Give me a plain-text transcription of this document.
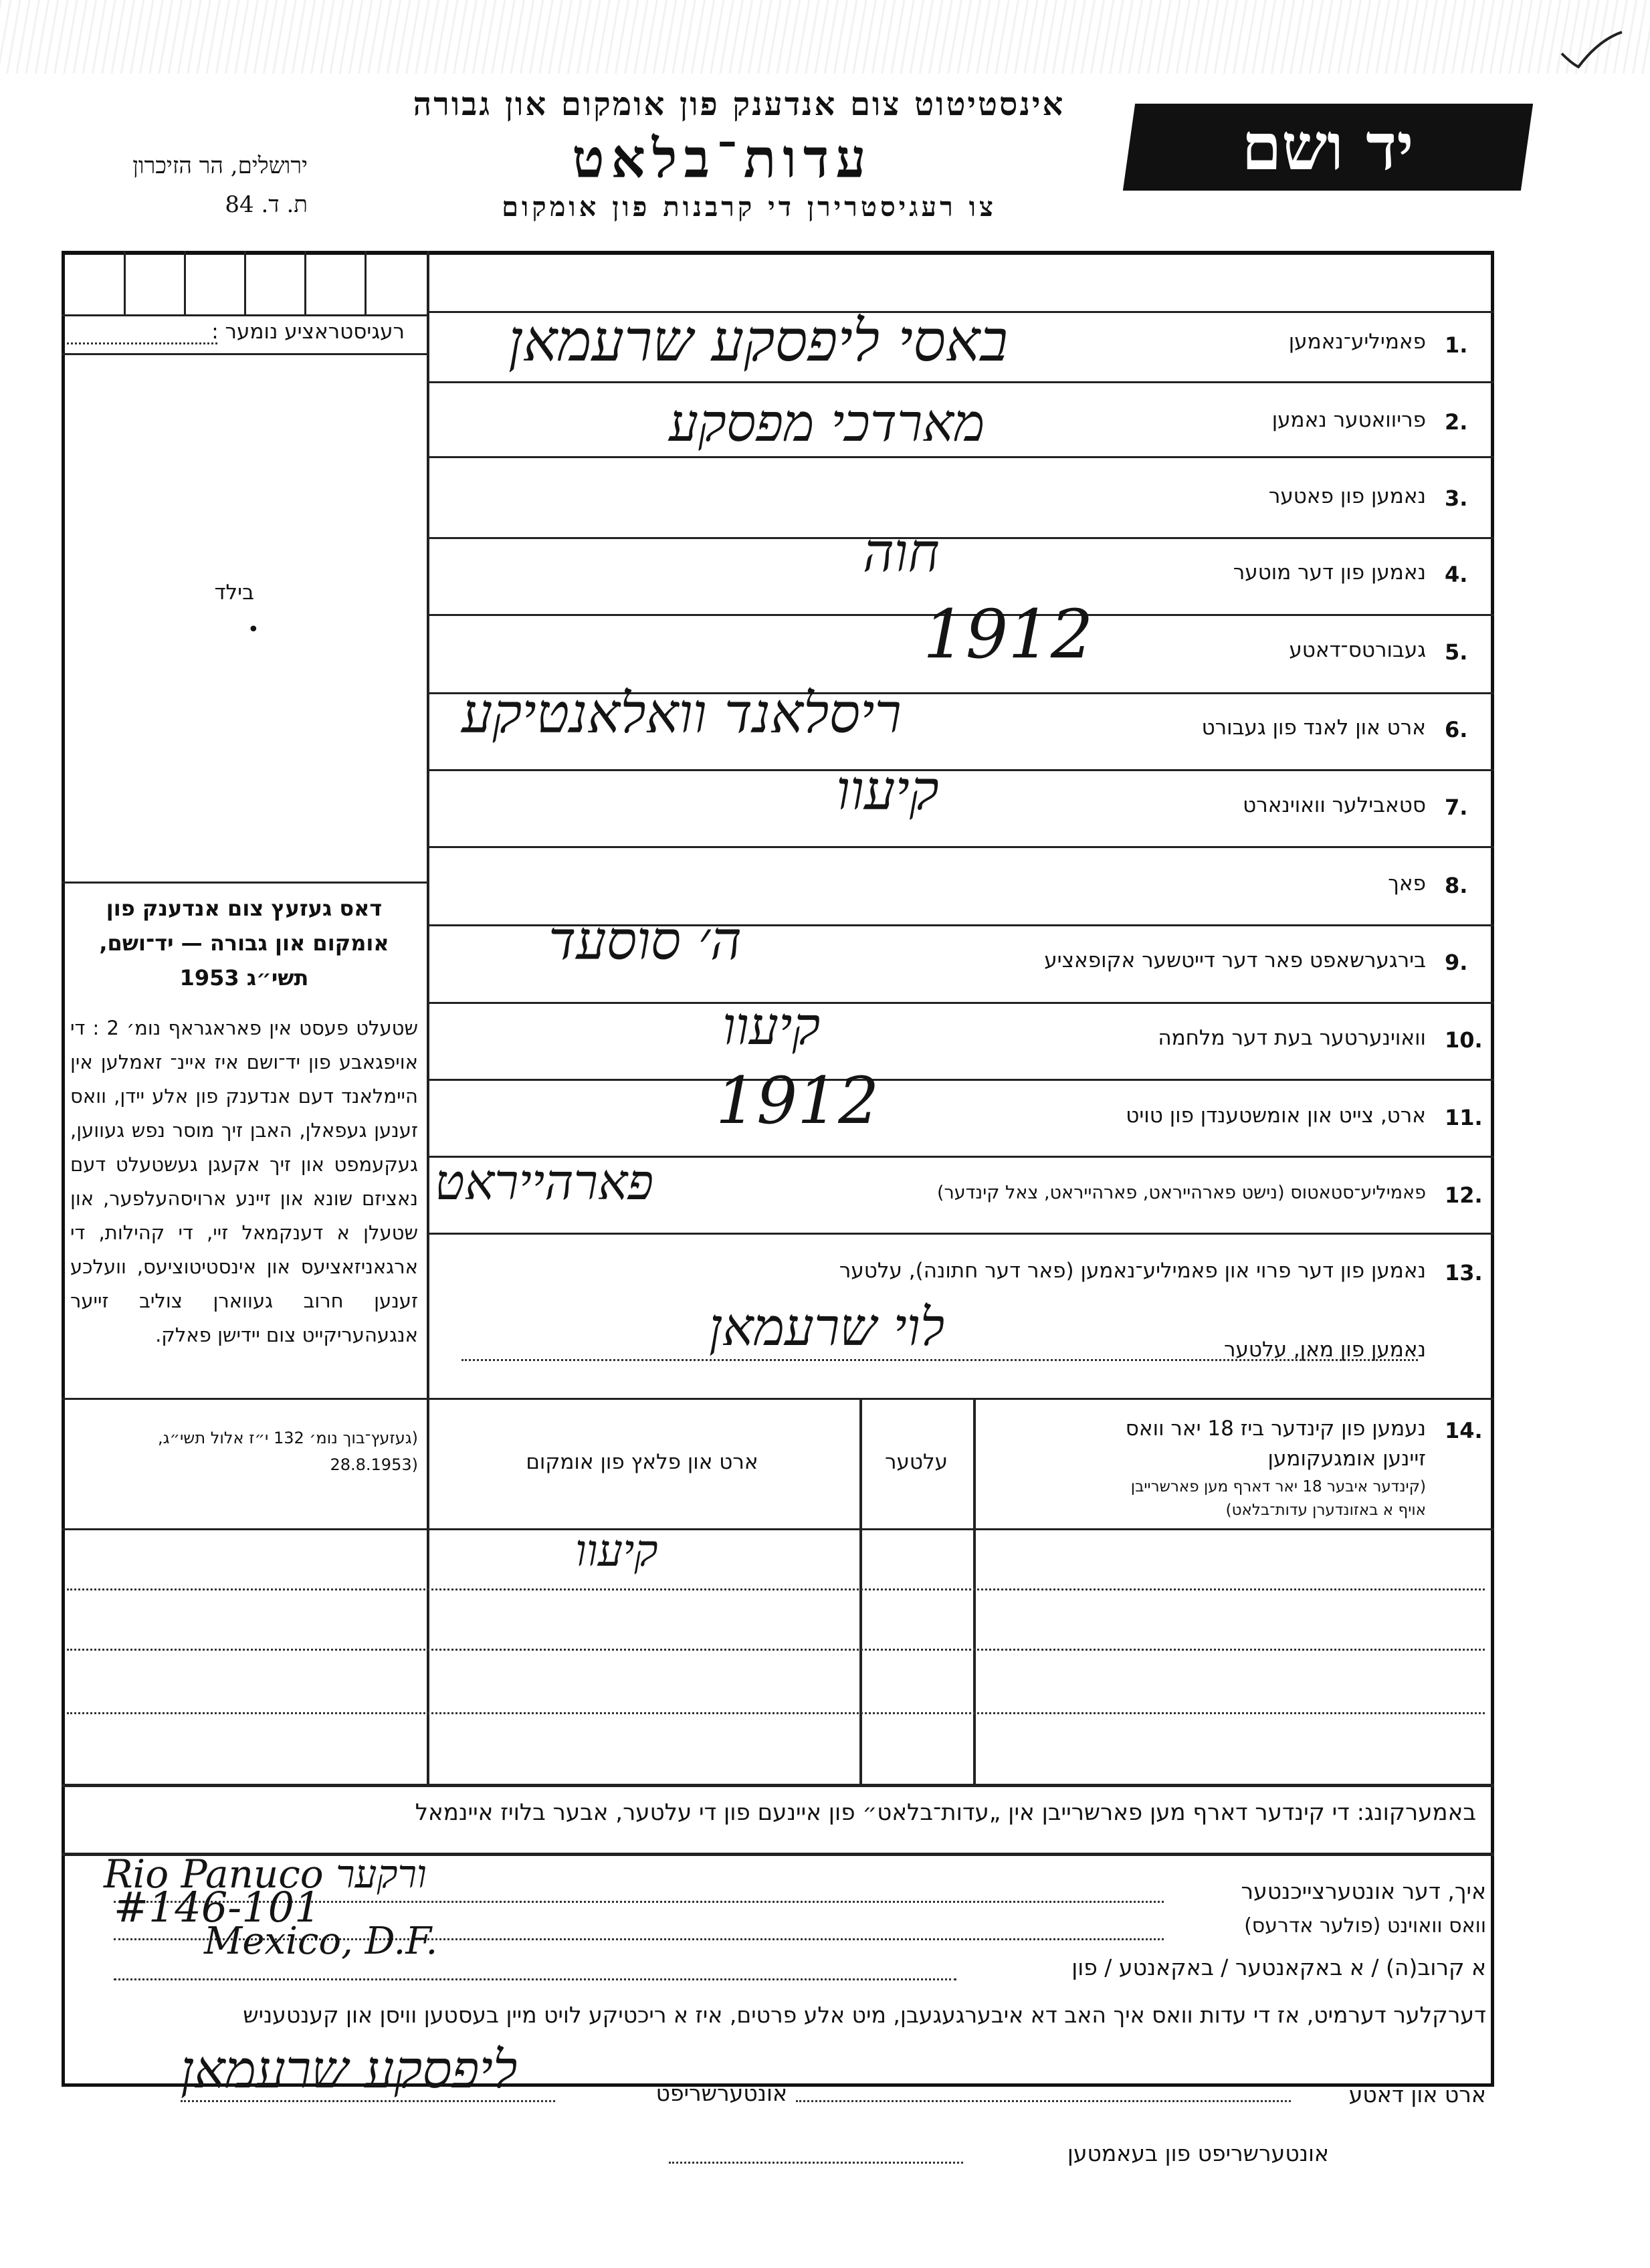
אינסטיטוט צום אנדענק פון אומקום און גבורה
עדות־בלאט
צו רעגיסטרירן די קרבנות פון אומקום
יד ושם
ירושלים, הר הזיכרון
ת. ד. 84
רעגיסטראציע נומער :
בילד
•
דאס געזעץ צום אנדענק פון אומקום און גבורה — יד־ושם, תשי״ג 1953
שטעלט פעסט אין פאראגראף נומ׳ 2 : די אויפגאבע פון יד־ושם איז איינ־ זאמלען אין היימלאנד דעם אנדענק פון אלע יידן, וואס זענען געפאלן, האבן זיך מוסר נפש געווען, געקעמפט און זיך אקעגן געשטעלט דעם נאציזם שונא און זיינע ארויסהעלפער, און שטעלן א דענקמאל זיי, די קהילות, די ארגאניזאציעס און אינסטיטוציעס, וועלכע זענען חרוב געווארן צוליב זייער אנגעהעריקייט צום יידישן פאלק.
(געזעץ־בוך נומ׳ 132 י״ז אלול תשי״ג, (28.8.1953
1.
פאמיליע־נאמען
באסי ליפסקע שרעמאן
2.
פריוואטער נאמען
מארדכי מפסקע
3.
נאמען פון פאטער
4.
נאמען פון דער מוטער
חוה
5.
געבורטס־דאטע
1912
6.
ארט און לאנד פון געבורט
ריסלאנד וואלאנטיקע
7.
סטאבילער וואוינארט
קיעוו
8.
פאך
9.
בירגערשאפט פאר דער דייטשער אקופאציע
ה׳ סוסעד
10.
וואוינערטער בעת דער מלחמה
קיעוו
11.
ארט, צייט און אומשטענדן פון טויט
1912
12.
פאמיליע־סטאטוס (נישט פארהייראט, פארהייראט, צאל קינדער)
פארהייראט
13.
נאמען פון דער פרוי און פאמיליע־נאמען (פאר דער חתונה), עלטער
נאמען פון מאן, עלטער
לוי שרעמאן
14.
נעמען פון קינדער ביז 18 יאר וואס
זיינען אומגעקומען
(קינדער איבער 18 יאר דארף מען פארשרייבן
אויף א באזונדערן עדות־בלאט)
עלטער
ארט און פלאץ פון אומקום
קיעוו
באמערקונג: די קינדער דארף מען פארשרייבן אין „עדות־בלאט״ פון איינעם פון די עלטער, אבער בלויז איינמאל
איך, דער אונטערצייכנטער
Rio Panuco ורקער
וואס וואוינט (פולער אדרעס)
#146-101
Mexico, D.F.
א קרוב(ה) / א באקאנטער / באקאנטע / פון
דערקלער דערמיט, אז די עדות וואס איך האב דא איבערגעגעבן, מיט אלע פרטים, איז א ריכטיקע לויט מיין בעסטען וויסן און קענטעניש
אונטערשריפט
ליפסקע שרעמאן	ארט און דאטע
אונטערשריפט פון בעאמטען
